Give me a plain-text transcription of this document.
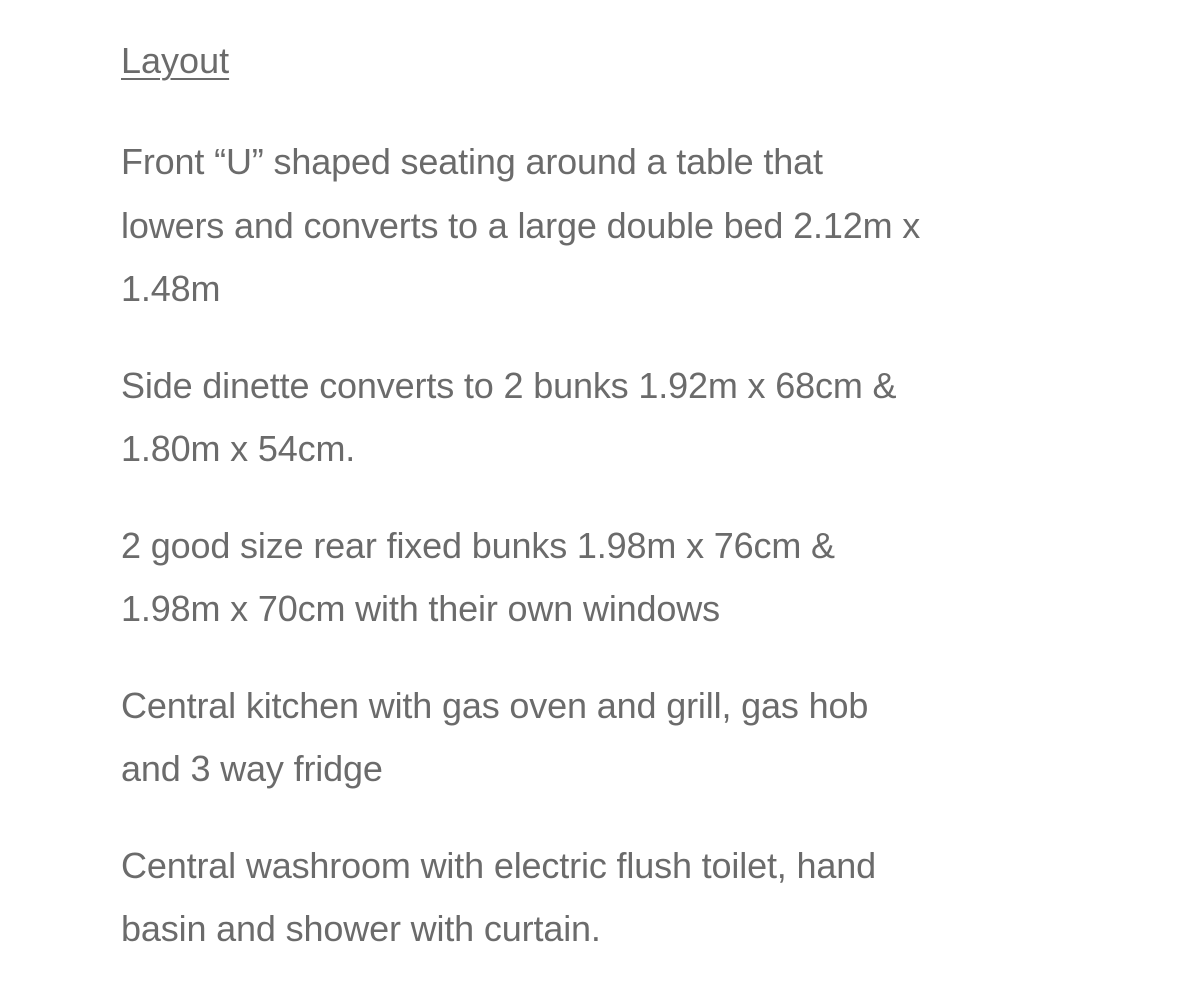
Layout
Front “U” shaped seating around a table that
lowers and converts to a large double bed 2.12m x
1.48m
Side dinette converts to 2 bunks 1.92m x 68cm &
1.80m x 54cm.
2 good size rear fixed bunks 1.98m x 76cm &
1.98m x 70cm with their own windows
Central kitchen with gas oven and grill, gas hob
and 3 way fridge
Central washroom with electric flush toilet, hand
basin and shower with curtain.
